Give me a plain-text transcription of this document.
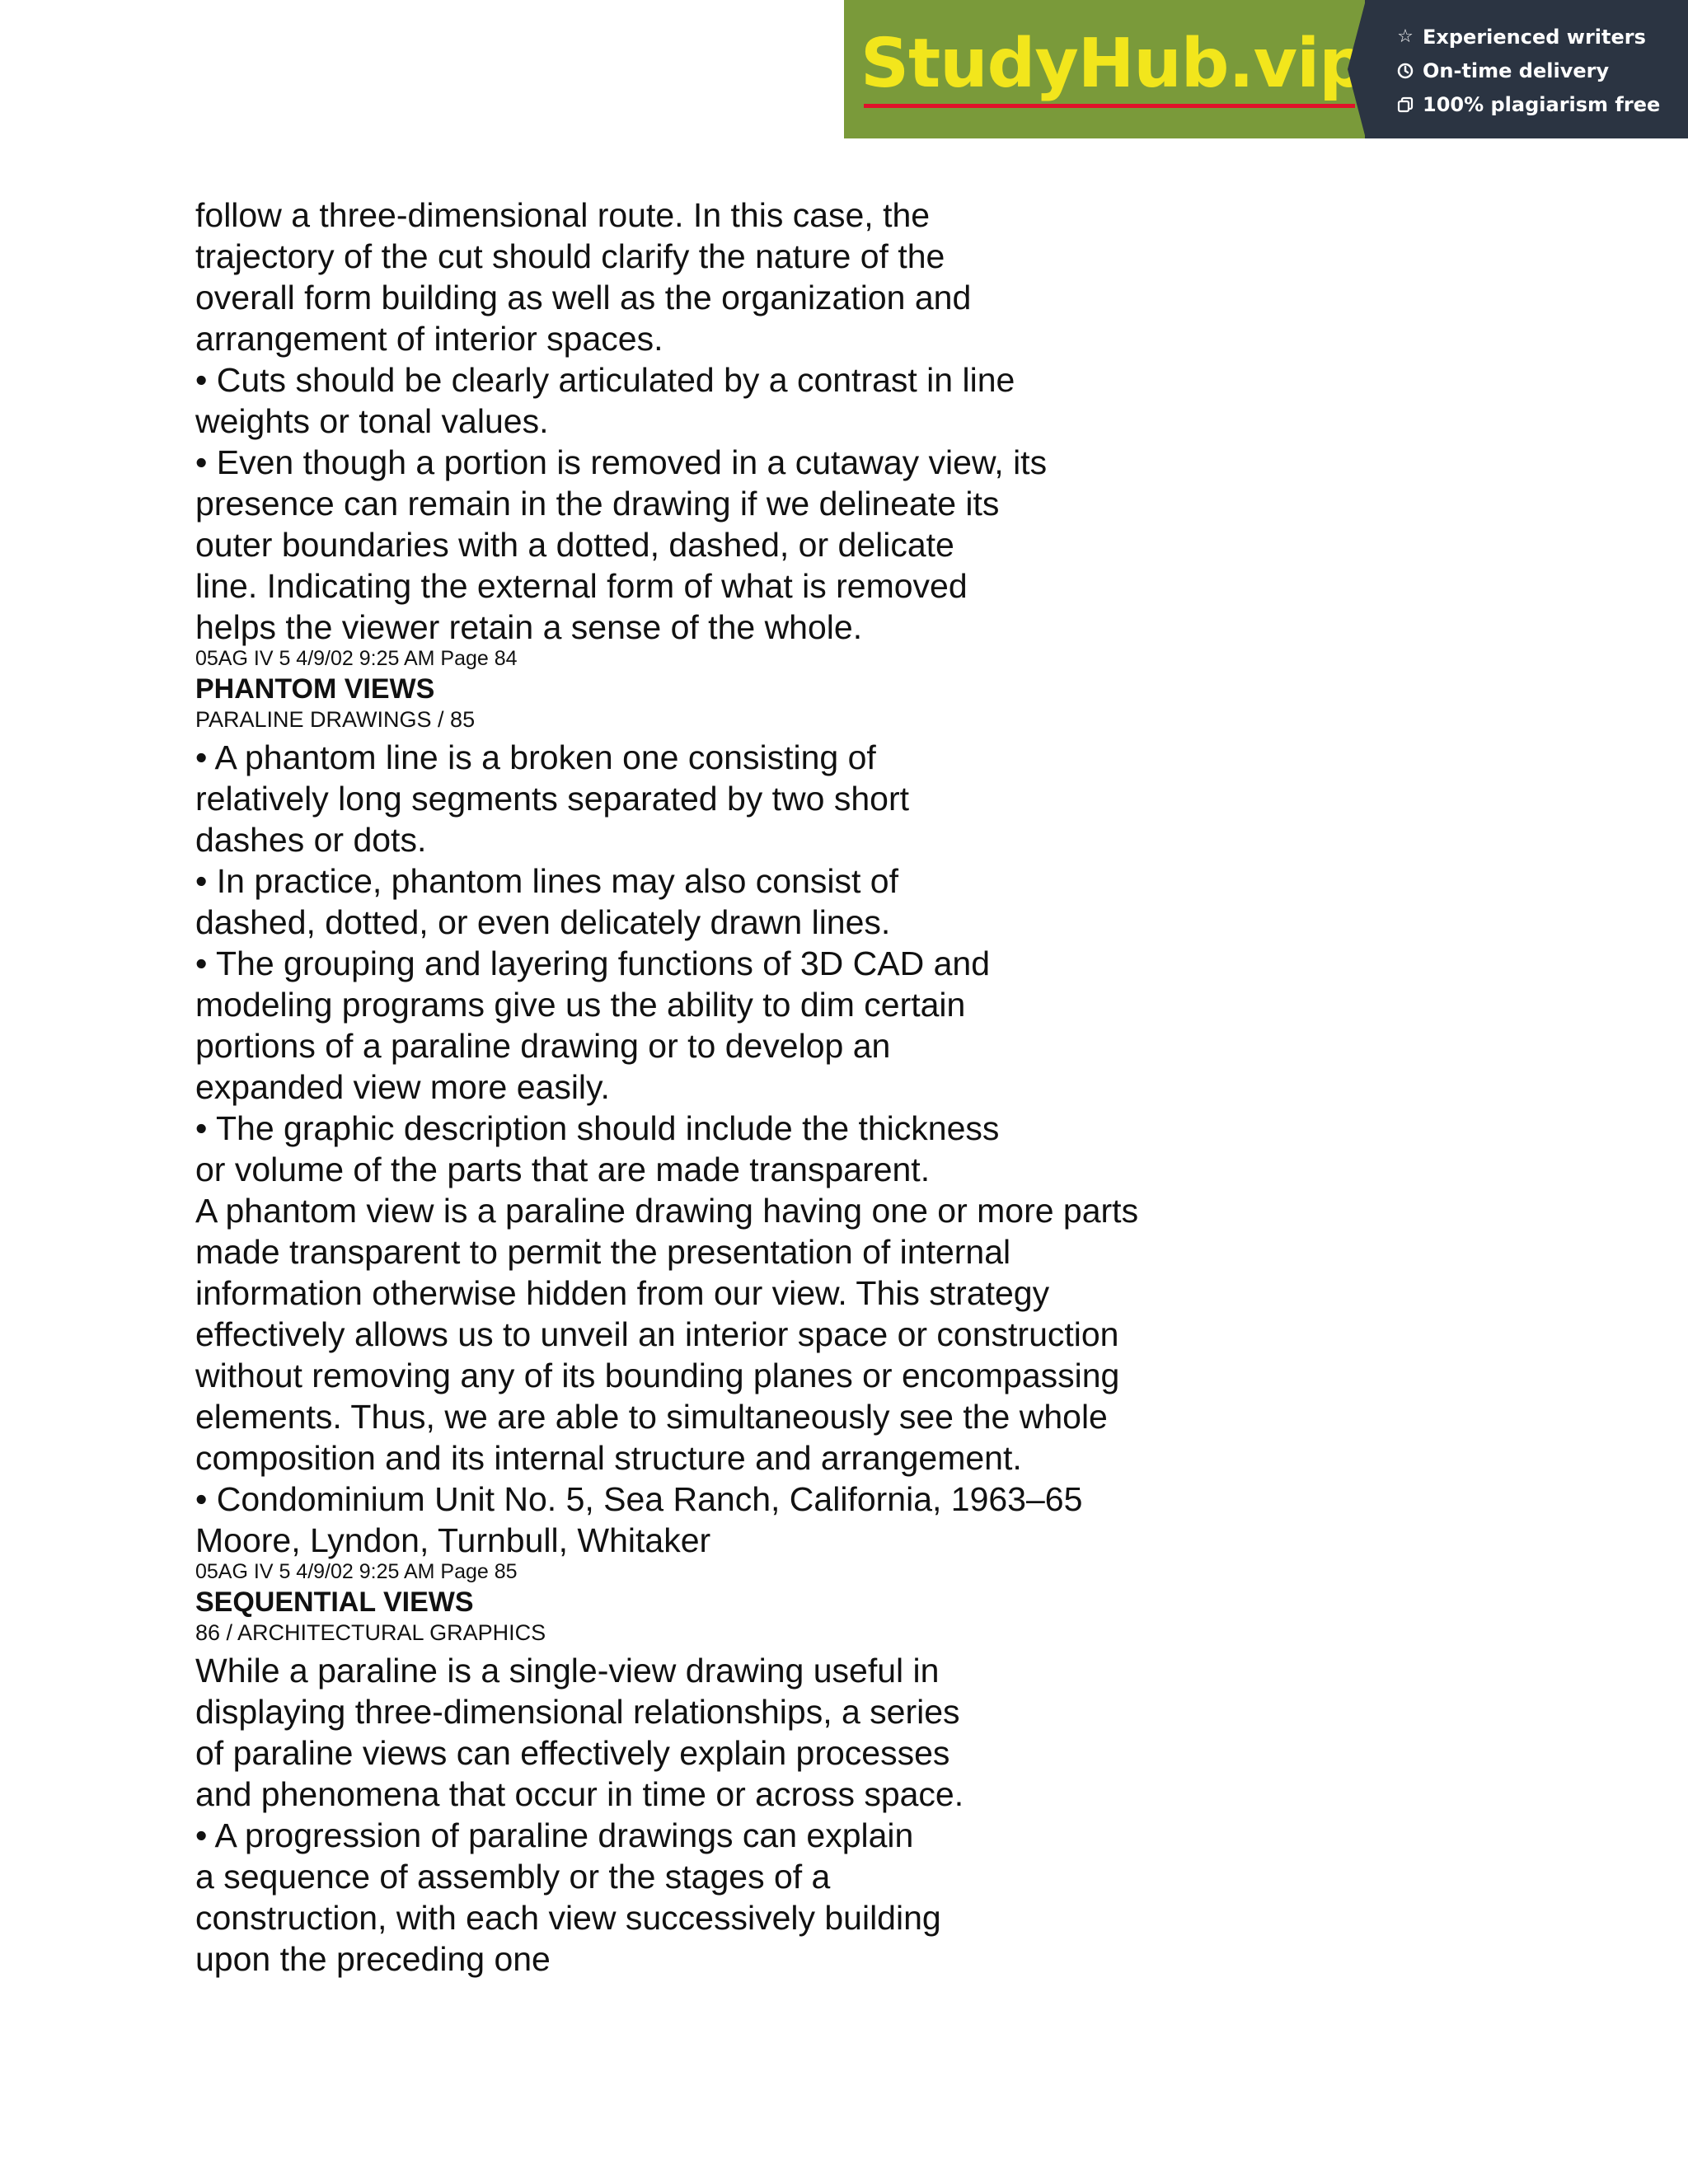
StudyHub.vip ☆ Experienced writers
On-time delivery
100% plagiarism free
follow a three-dimensional route. In this case, the
trajectory of the cut should clarify the nature of the
overall form building as well as the organization and
arrangement of interior spaces.
• Cuts should be clearly articulated by a contrast in line
weights or tonal values.
• Even though a portion is removed in a cutaway view, its
presence can remain in the drawing if we delineate its
outer boundaries with a dotted, dashed, or delicate
line. Indicating the external form of what is removed
helps the viewer retain a sense of the whole.
05AG IV 5 4/9/02 9:25 AM Page 84
PHANTOM VIEWS
PARALINE DRAWINGS / 85
• A phantom line is a broken one consisting of
relatively long segments separated by two short
dashes or dots.
• In practice, phantom lines may also consist of
dashed, dotted, or even delicately drawn lines.
• The grouping and layering functions of 3D CAD and
modeling programs give us the ability to dim certain
portions of a paraline drawing or to develop an
expanded view more easily.
• The graphic description should include the thickness
or volume of the parts that are made transparent.
A phantom view is a paraline drawing having one or more parts
made transparent to permit the presentation of internal
information otherwise hidden from our view. This strategy
effectively allows us to unveil an interior space or construction
without removing any of its bounding planes or encompassing
elements. Thus, we are able to simultaneously see the whole
composition and its internal structure and arrangement.
• Condominium Unit No. 5, Sea Ranch, California, 1963–65
Moore, Lyndon, Turnbull, Whitaker
05AG IV 5 4/9/02 9:25 AM Page 85
SEQUENTIAL VIEWS
86 / ARCHITECTURAL GRAPHICS
While a paraline is a single-view drawing useful in
displaying three-dimensional relationships, a series
of paraline views can effectively explain processes
and phenomena that occur in time or across space.
• A progression of paraline drawings can explain
a sequence of assembly or the stages of a
construction, with each view successively building
upon the preceding one
